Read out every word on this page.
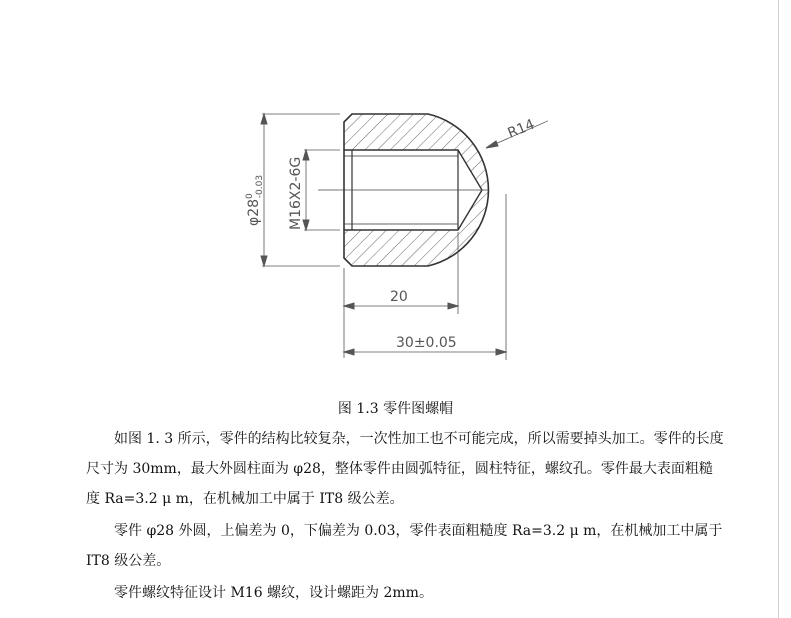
R14
$\varphi 28^0-0.03$ M16X2-6G
20
30±0.05
图 1.3 零件图螺帽
如图 1. 3 所示，零件的结构比较复杂，一次性加工也不可能完成，所以需要掉头加工。零件的长度尺寸为 30mm，最大外圆柱面为 φ28，整体零件由圆弧特征，圆柱特征，螺纹孔。零件最大表面粗糙度 Ra=3.2 μ m，在机械加工中属于 IT8 级公差。
零件 φ28 外圆，上偏差为 0，下偏差为 0.03，零件表面粗糙度 Ra=3.2 μ m，在机械加工中属于 IT8 级公差。
零件螺纹特征设计 M16 螺纹，设计螺距为 2mm。
